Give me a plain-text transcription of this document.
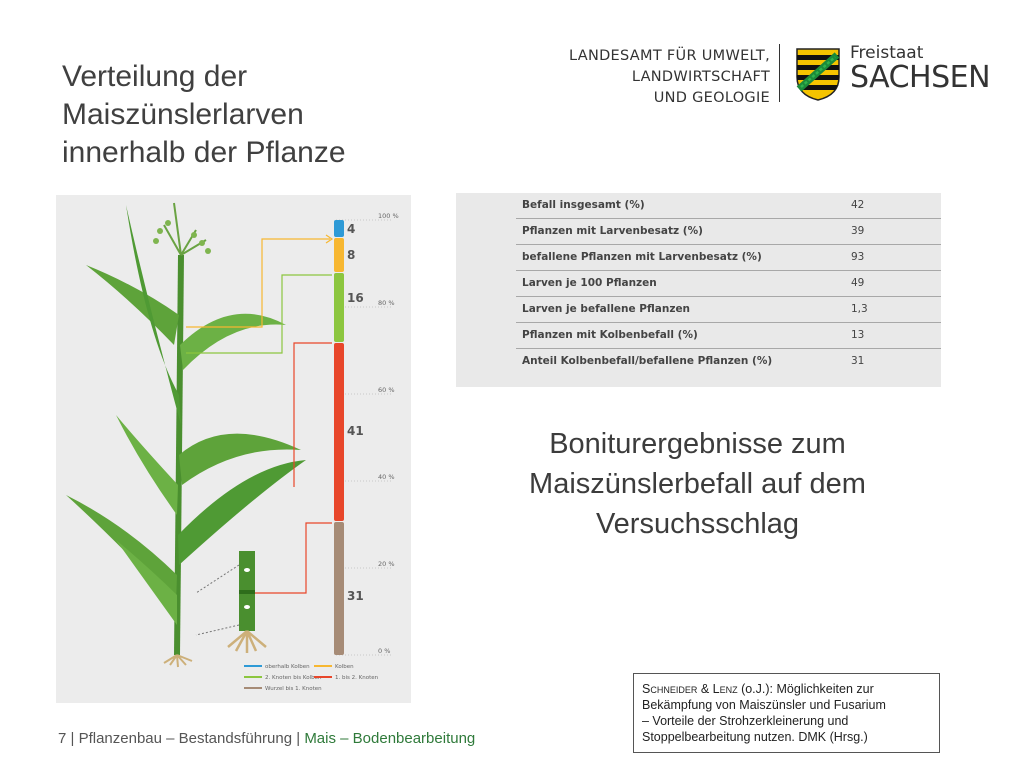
Verteilung der
Maiszünslerlarven
innerhalb der Pflanze
LANDESAMT FÜR UMWELT,
LANDWIRTSCHAFT
UND GEOLOGIE
Freistaat
SACHSEN
100 %
80 %
60 %
40 %
20 %
0 %
4
8
16
41
31
oberhalb Kolben	Kolben
2. Knoten bis Kolben 1. bis 2. Knoten
Wurzel bis 1. Knoten
Befall insgesamt (%)	42
Pflanzen mit Larvenbesatz (%)	39
befallene Pflanzen mit Larvenbesatz (%)	93
Larven je 100 Pflanzen	49
Larven je befallene Pflanzen	1,3
Pflanzen mit Kolbenbefall (%)	13
Anteil Kolbenbefall/befallene Pflanzen (%)	31
Boniturergebnisse zum
Maiszünslerbefall auf dem
Versuchsschlag
Schneider & Lenz (o.J.): Möglichkeiten zur
Bekämpfung von Maiszünsler und Fusarium
– Vorteile der Strohzerkleinerung und
Stoppelbearbeitung nutzen. DMK (Hrsg.)
7 | Pflanzenbau – Bestandsführung | Mais – Bodenbearbeitung
